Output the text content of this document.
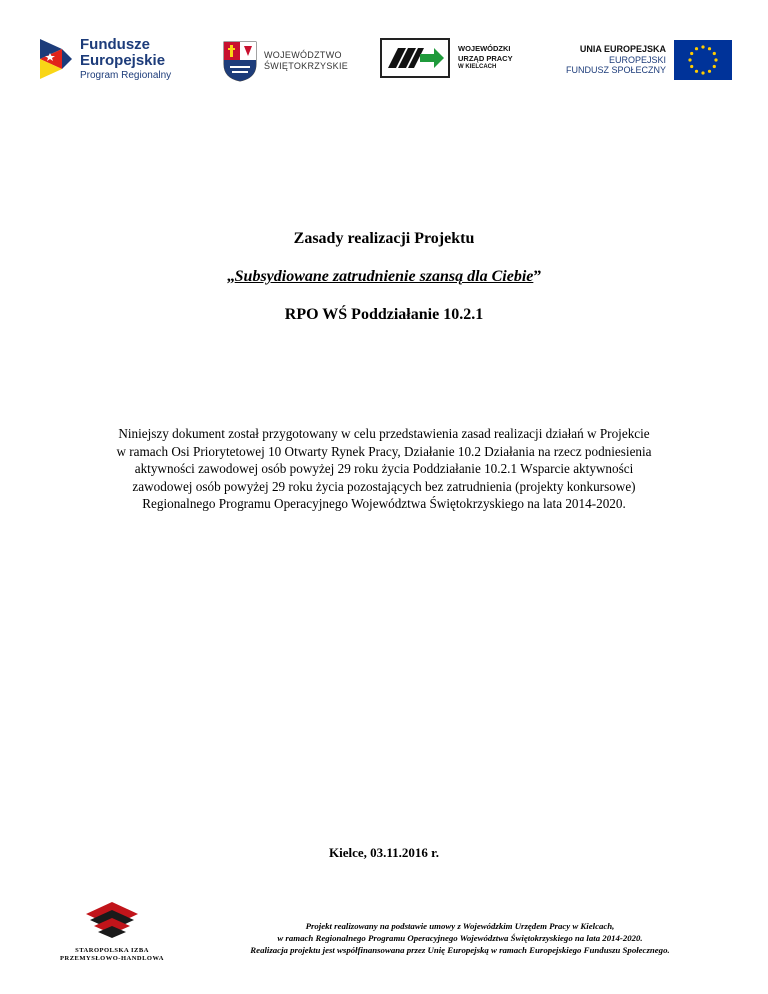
Fundusze
Europejskie
Program Regionalny
WOJEWÓDZTWO
ŚWIĘTOKRZYSKIE
WOJEWÓDZKI
URZĄD PRACY
W KIELCACH
UNIA EUROPEJSKA
EUROPEJSKI
FUNDUSZ SPOŁECZNY

Zasady realizacji Projektu

„Subsydiowane zatrudnienie szansą dla Ciebie”

RPO WŚ Poddziałanie 10.2.1

Niniejszy dokument został przygotowany w celu przedstawienia zasad realizacji działań w Projekcie
w ramach Osi Priorytetowej 10 Otwarty Rynek Pracy, Działanie 10.2 Działania na rzecz podniesienia
aktywności zawodowej osób powyżej 29 roku życia Poddziałanie 10.2.1 Wsparcie aktywności
zawodowej osób powyżej 29 roku życia pozostających bez zatrudnienia (projekty konkursowe)
Regionalnego Programu Operacyjnego Województwa Świętokrzyskiego na lata 2014-2020.
Kielce, 03.11.2016 r.
STAROPOLSKA IZBA
PRZEMYSŁOWO-HANDLOWA
Projekt realizowany na podstawie umowy z Wojewódzkim Urzędem Pracy w Kielcach,
w ramach Regionalnego Programu Operacyjnego Województwa Świętokrzyskiego na lata 2014-2020.
Realizacja projektu jest współfinansowana przez Unię Europejską w ramach Europejskiego Funduszu Społecznego.
